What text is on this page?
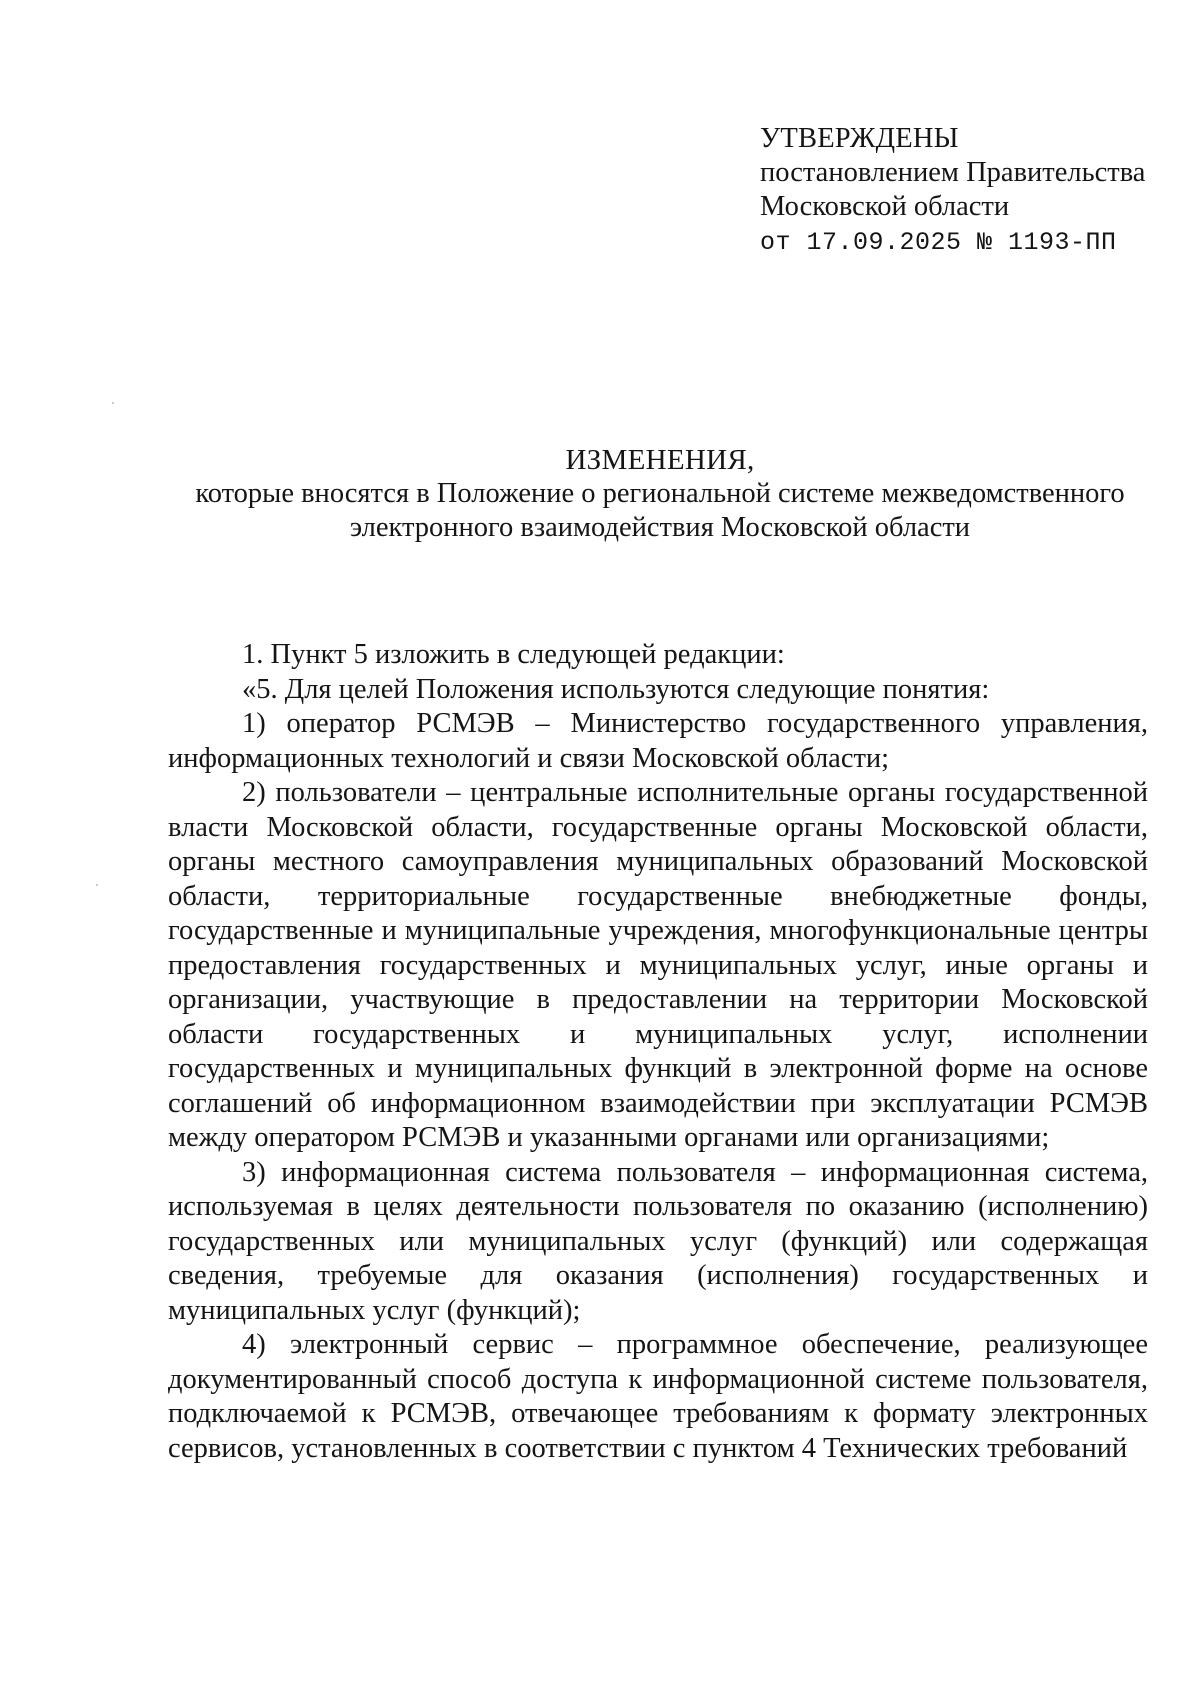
УТВЕРЖДЕНЫ
постановлением Правительства
Московской области
от 17.09.2025 № 1193-ПП
ИЗМЕНЕНИЯ,
которые вносятся в Положение о региональной системе межведомственного электронного взаимодействия Московской области

1. Пункт 5 изложить в следующей редакции:

«5. Для целей Положения используются следующие понятия:

1) оператор РСМЭВ – Министерство государственного управления, информационных технологий и связи Московской области;

2) пользователи – центральные исполнительные органы государственной власти Московской области, государственные органы Московской области, органы местного самоуправления муниципальных образований Московской области, территориальные государственные внебюджетные фонды, государственные и муниципальные учреждения, многофункциональные центры предоставления государственных и муниципальных услуг, иные органы и организации, участвующие в предоставлении на территории Московской области государственных и муниципальных услуг, исполнении государственных и муниципальных функций в электронной форме на основе соглашений об информационном взаимодействии при эксплуатации РСМЭВ между оператором РСМЭВ и указанными органами или организациями;

3) информационная система пользователя – информационная система, используемая в целях деятельности пользователя по оказанию (исполнению) государственных или муниципальных услуг (функций) или содержащая сведения, требуемые для оказания (исполнения) государственных и муниципальных услуг (функций);

4) электронный сервис – программное обеспечение, реализующее документированный способ доступа к информационной системе пользователя, подключаемой к РСМЭВ, отвечающее требованиям к формату электронных сервисов, установленных в соответствии с пунктом 4 Технических требований
